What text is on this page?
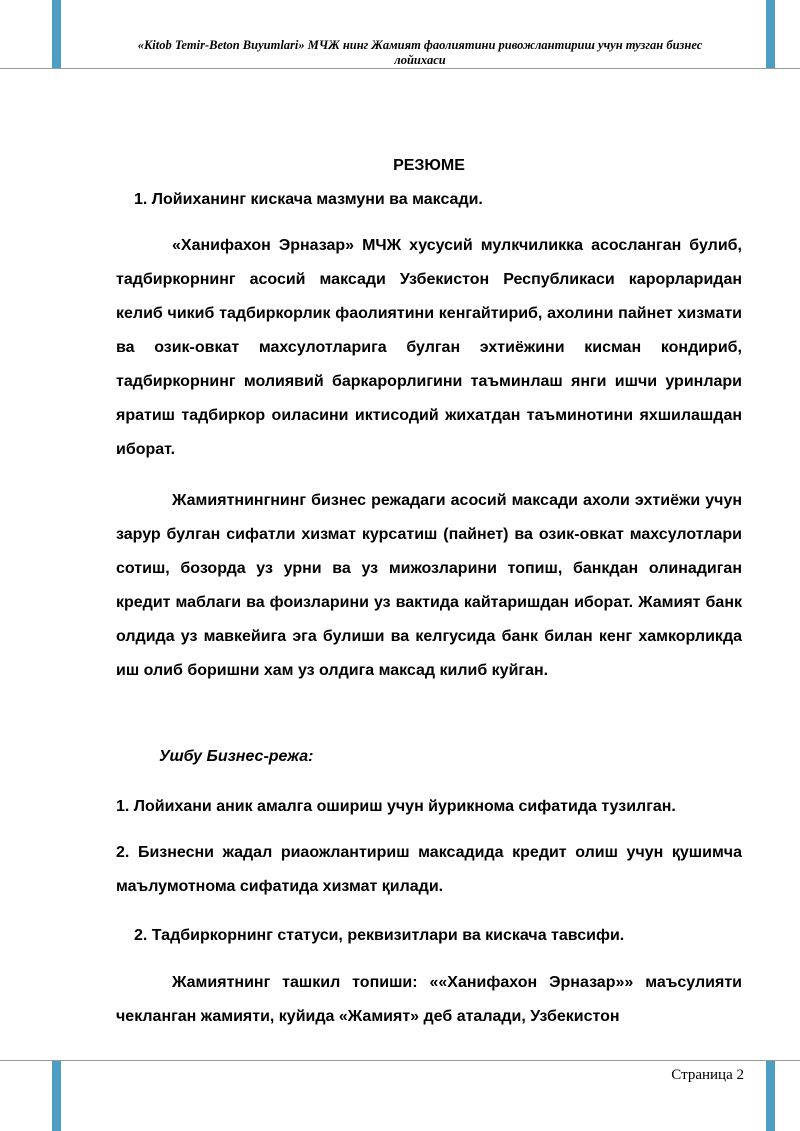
«Kitob Temir-Beton Buyumlari» МЧЖ нинг Жамият фаолиятини ривожлантириш учун тузган бизнес
лойихаси
РЕЗЮМЕ
1. Лойиханинг кискача мазмуни ва максади.

«Ханифахон Эрназар» МЧЖ хусусий мулкчиликка асосланган булиб, тадбиркорнинг асосий максади Узбекистон Республикаси карорларидан келиб чикиб тадбиркорлик фаолиятини кенгайтириб, ахолини пайнет хизмати ва озик-овкат махсулотларига булган эхтиёжини кисман кондириб, тадбиркорнинг молиявий баркарорлигини таъминлаш янги ишчи уринлари яратиш тадбиркор оиласини иктисодий жихатдан таъминотини яхшилашдан иборат.

Жамиятнингнинг бизнес режадаги асосий максади ахоли эхтиёжи учун зарур булган сифатли хизмат курсатиш (пайнет) ва озик-овкат махсулотлари сотиш, бозорда уз урни ва уз мижозларини топиш, банкдан олинадиган кредит маблаги ва фоизларини уз вактида кайтаришдан иборат. Жамият банк олдида уз мавкейига эга булиши ва келгусида банк билан кенг хамкорликда иш олиб боришни хам уз олдига максад килиб куйган.

Ушбу Бизнес-режа:

1. Лойихани аник амалга ошириш учун йурикнома сифатида тузилган.

2. Бизнесни жадал риаожлантириш максадида кредит олиш учун қушимча маълумотнома сифатида хизмат қилади.

2. Тадбиркорнинг статуси, реквизитлари ва кискача тавсифи.

Жамиятнинг ташкил топиши: ««Ханифахон Эрназар»» маъсулияти чекланган жамияти, куйида «Жамият» деб аталади, Узбекистон

Страница 2
